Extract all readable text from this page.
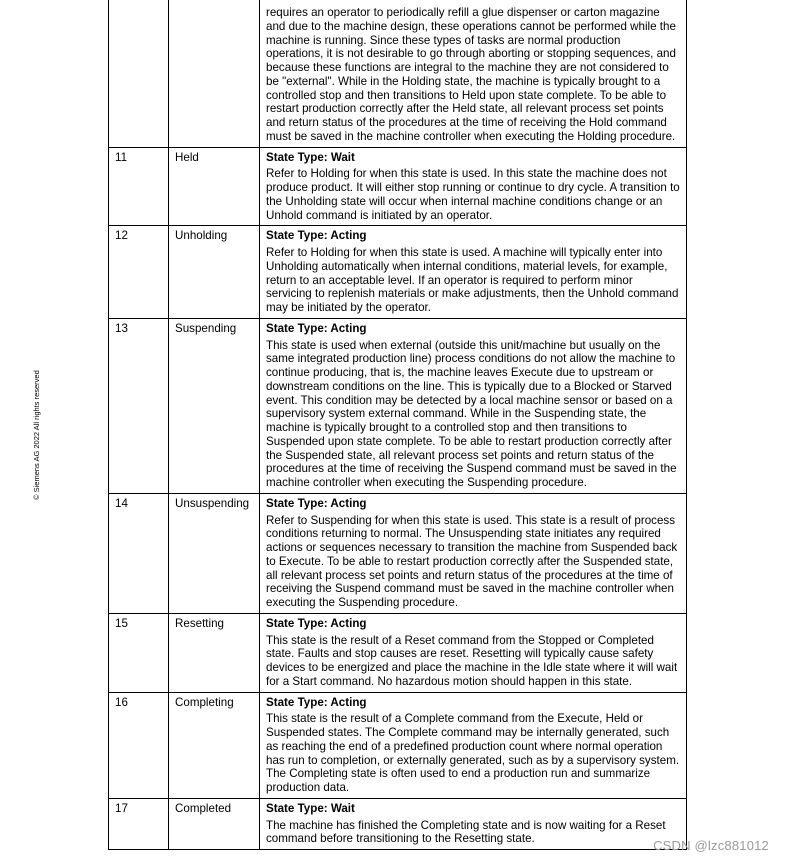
© Siemens AG 2022 All rights reserved

		requires an operator to periodically refill a glue dispenser or carton magazine and due to the machine design, these operations cannot be performed while the machine is running. Since these types of tasks are normal production operations, it is not desirable to go through aborting or stopping sequences, and because these functions are integral to the machine they are not considered to be "external". While in the Holding state, the machine is typically brought to a controlled stop and then transitions to Held upon state complete. To be able to restart production correctly after the Held state, all relevant process set points and return status of the procedures at the time of receiving the Hold command must be saved in the machine controller when executing the Holding procedure.

11	Held	State Type: Wait
Refer to Holding for when this state is used. In this state the machine does not produce product. It will either stop running or continue to dry cycle. A transition to the Unholding state will occur when internal machine conditions change or an Unhold command is initiated by an operator.

12	Unholding	State Type: Acting
Refer to Holding for when this state is used. A machine will typically enter into Unholding automatically when internal conditions, material levels, for example, return to an acceptable level. If an operator is required to perform minor servicing to replenish materials or make adjustments, then the Unhold command may be initiated by the operator.

13	Suspending	State Type: Acting
This state is used when external (outside this unit/machine but usually on the same integrated production line) process conditions do not allow the machine to continue producing, that is, the machine leaves Execute due to upstream or downstream conditions on the line. This is typically due to a Blocked or Starved event. This condition may be detected by a local machine sensor or based on a supervisory system external command. While in the Suspending state, the machine is typically brought to a controlled stop and then transitions to Suspended upon state complete. To be able to restart production correctly after the Suspended state, all relevant process set points and return status of the procedures at the time of receiving the Suspend command must be saved in the machine controller when executing the Suspending procedure.

14	Unsuspending	State Type: Acting
Refer to Suspending for when this state is used. This state is a result of process conditions returning to normal. The Unsuspending state initiates any required actions or sequences necessary to transition the machine from Suspended back to Execute. To be able to restart production correctly after the Suspended state, all relevant process set points and return status of the procedures at the time of receiving the Suspend command must be saved in the machine controller when executing the Suspending procedure.

15	Resetting	State Type: Acting
This state is the result of a Reset command from the Stopped or Completed state. Faults and stop causes are reset. Resetting will typically cause safety devices to be energized and place the machine in the Idle state where it will wait for a Start command. No hazardous motion should happen in this state.

16	Completing	State Type: Acting
This state is the result of a Complete command from the Execute, Held or Suspended states. The Complete command may be internally generated, such as reaching the end of a predefined production count where normal operation has run to completion, or externally generated, such as by a supervisory system. The Completing state is often used to end a production run and summarize production data.

17	Completed	State Type: Wait
The machine has finished the Completing state and is now waiting for a Reset command before transitioning to the Resetting state.	CSDN @lzc881012
